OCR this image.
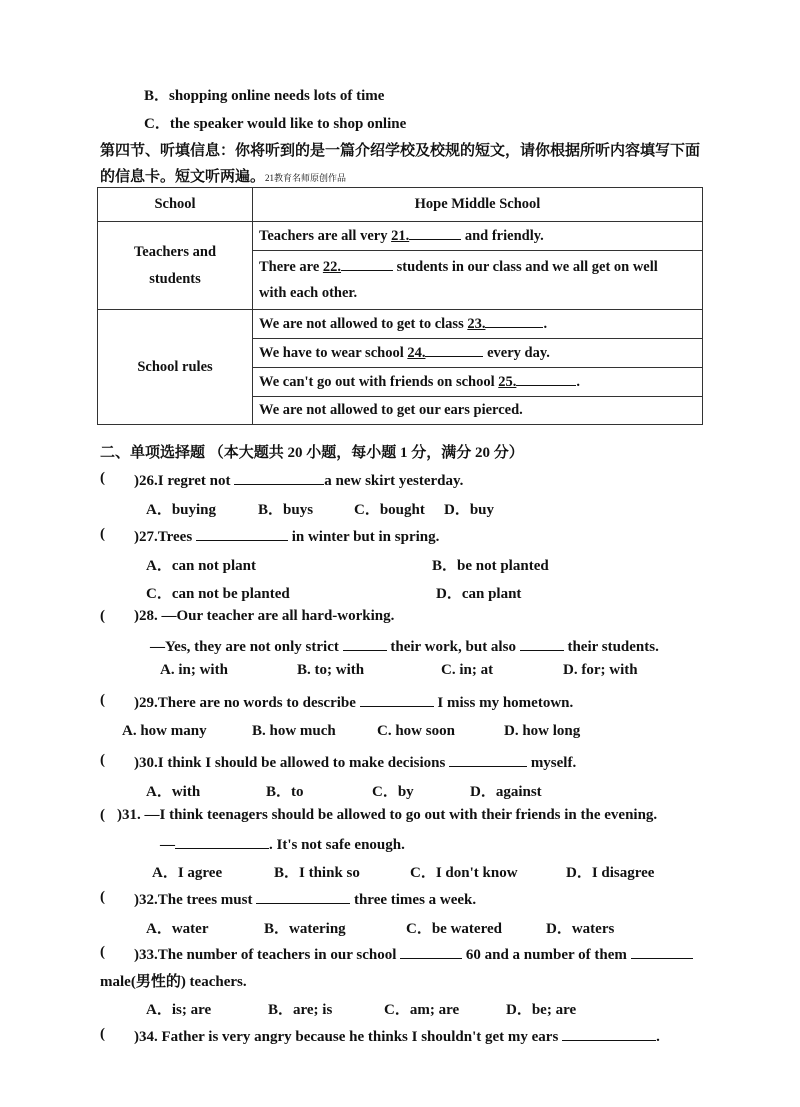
B．shopping online needs lots of time
C．the speaker would like to shop online
第四节、听填信息：你将听到的是一篇介绍学校及校规的短文，请你根据所听内容填写下面
的信息卡。短文听两遍。21教育名师原创作品
School	Hope Middle School

Teachers and
students	Teachers are all very 21. and friendly.
	There are 22. students in our class and we all get on well
with each other.
School rules	We are not allowed to get to class 23. .
	We have to wear school 24. every day.
	We can't go out with friends on school 25. .
	We are not allowed to get our ears pierced.
二、单项选择题 （本大题共 20 小题，每小题 1 分，满分 20 分）
( )26.I regret not	a new skirt yesterday.
A．buying	B．buys	C．bought D．buy
( )27.Trees	in winter but in spring.
A．can not plant	B．be not planted
C．can not be planted	D．can plant
( )28. —Our teacher are all hard-working.
—Yes, they are not only strict	their work, but also	their students.
A. in; with	B. to; with	C. in; at	D. for; with
( )29.There are no words to describe	I miss my hometown.
A. how many	B. how much	C. how soon	D. how long
( )30.I think I should be allowed to make decisions	myself.
A．with	B．to	C．by	D．against
( )31. —I think teenagers should be allowed to go out with their friends in the evening.
—	. It's not safe enough.
A．I agree	B．I think so	C．I don't know	D．I disagree
( )32.The trees must	three times a week.
A．water	B．watering	C．be watered	D．waters
( )33.The number of teachers in our school	60 and a number of them
male(男性的) teachers.
A．is; are	B．are; is	C．am; are	D．be; are
( )34. Father is very angry because he thinks I shouldn't get my ears	.
